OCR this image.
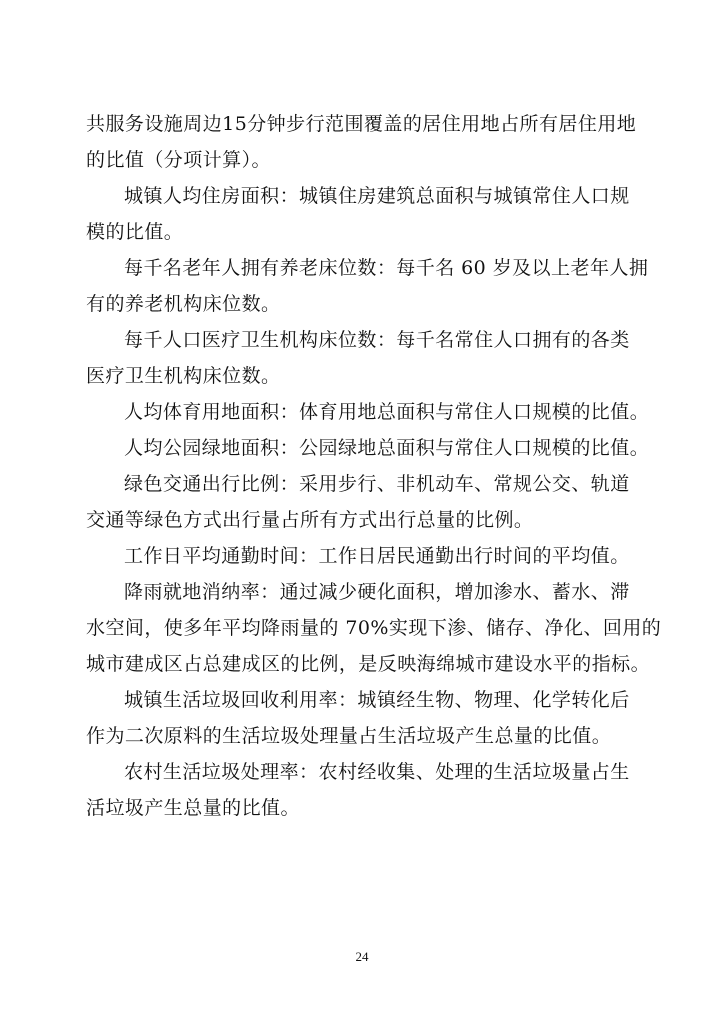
共服务设施周边15分钟步行范围覆盖的居住用地占所有居住用地
的比值（分项计算）。
城镇人均住房面积：城镇住房建筑总面积与城镇常住人口规
模的比值。
每千名老年人拥有养老床位数：每千名 60 岁及以上老年人拥
有的养老机构床位数。
每千人口医疗卫生机构床位数：每千名常住人口拥有的各类
医疗卫生机构床位数。
人均体育用地面积：体育用地总面积与常住人口规模的比值。
人均公园绿地面积：公园绿地总面积与常住人口规模的比值。
绿色交通出行比例：采用步行、非机动车、常规公交、轨道
交通等绿色方式出行量占所有方式出行总量的比例。
工作日平均通勤时间：工作日居民通勤出行时间的平均值。
降雨就地消纳率：通过减少硬化面积，增加渗水、蓄水、滞
水空间，使多年平均降雨量的 70%实现下渗、储存、净化、回用的
城市建成区占总建成区的比例，是反映海绵城市建设水平的指标。
城镇生活垃圾回收利用率：城镇经生物、物理、化学转化后
作为二次原料的生活垃圾处理量占生活垃圾产生总量的比值。
农村生活垃圾处理率：农村经收集、处理的生活垃圾量占生
活垃圾产生总量的比值。
24
